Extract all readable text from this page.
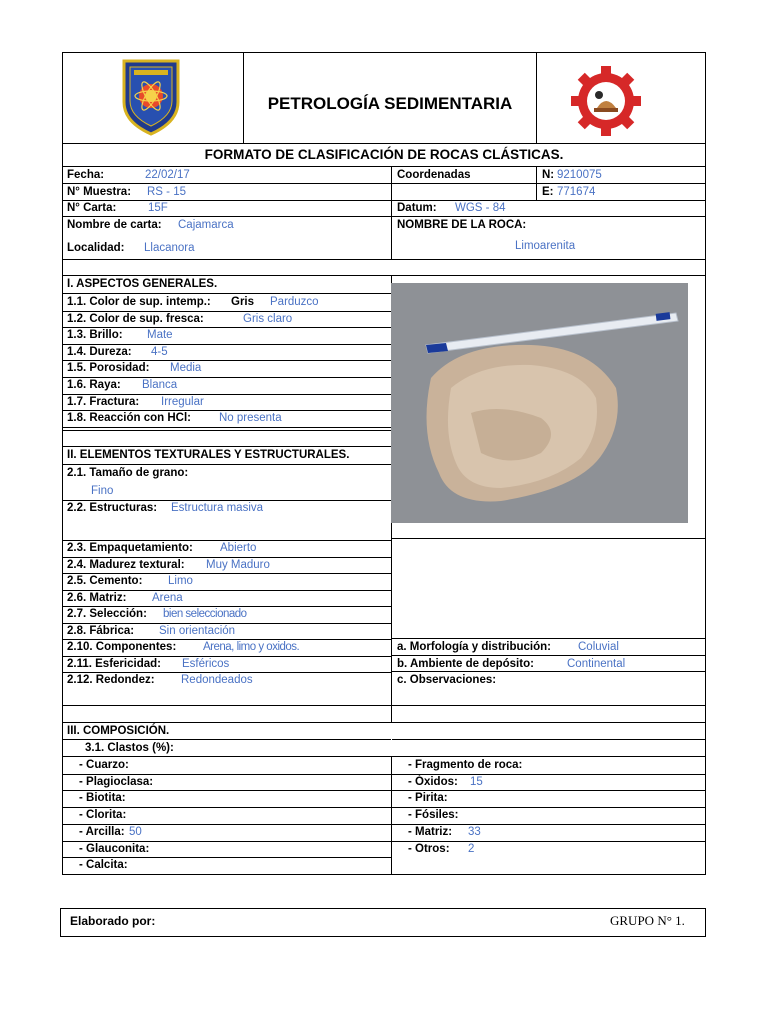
PETROLOGÍA SEDIMENTARIA
FORMATO DE CLASIFICACIÓN DE ROCAS CLÁSTICAS.
Fecha:	22/02/17	Coordenadas	N: 9210075
N° Muestra:	RS - 15	E: 771674
N° Carta:	15F	Datum:	WGS - 84
Nombre de carta:	Cajamarca	NOMBRE DE LA ROCA:
Localidad:	Llacanora	Limoarenita
I. ASPECTOS GENERALES.
1.1. Color de sup. intemp.: Gris	Parduzco
1.2. Color de sup. fresca:	Gris claro
1.3. Brillo:	Mate
1.4. Dureza:	4-5
1.5. Porosidad:	Media
1.6. Raya:	Blanca
1.7. Fractura:	Irregular
1.8. Reacción con HCl:	No presenta
II. ELEMENTOS TEXTURALES Y ESTRUCTURALES.
2.1. Tamaño de grano:
Fino
2.2. Estructuras:	Estructura masiva
2.3. Empaquetamiento:	Abierto
2.4. Madurez textural:	Muy Maduro
2.5. Cemento:	Limo
2.6. Matriz:	Arena
2.7. Selección:	bien seleccionado
2.8. Fábrica:	Sin orientación
2.10. Componentes:	Arena, limo y oxidos.
2.11. Esfericidad:	Esféricos
2.12. Redondez:	Redondeados
a. Morfología y distribución:	Coluvial
b. Ambiente de depósito:	Continental
c. Observaciones:
III. COMPOSICIÓN.
3.1. Clastos (%):
- Cuarzo:
- Plagioclasa:
- Biotita:
- Clorita:
- Arcilla: 50
- Glauconita:
- Calcita:
- Fragmento de roca:
- Óxidos: 15
- Pirita:
- Fósiles:
- Matriz: 33
- Otros: 2
Elaborado por:	GRUPO N° 1.
